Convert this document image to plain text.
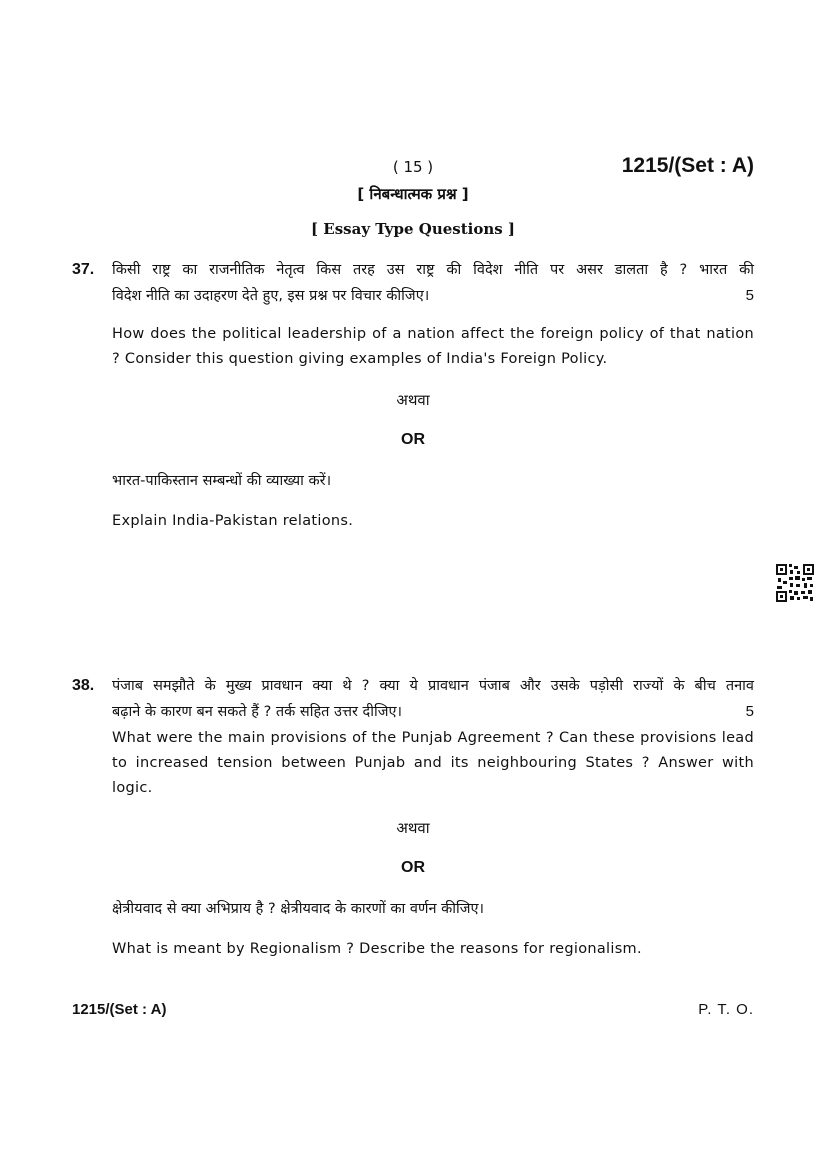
( 15 )	1215/(Set : A)
[ निबन्धात्मक प्रश्न ]
[ Essay Type Questions ]
37. किसी राष्ट्र का राजनीतिक नेतृत्व किस तरह उस राष्ट्र की विदेश नीति पर असर डालता है ? भारत की
विदेश नीति का उदाहरण देते हुए, इस प्रश्न पर विचार कीजिए।	5
How does the political leadership of a nation affect the foreign policy of that nation ? Consider this question giving examples of India's Foreign Policy.
अथवा
OR
भारत-पाकिस्तान सम्बन्धों की व्याख्या करें।
Explain India-Pakistan relations.
38. पंजाब समझौते के मुख्य प्रावधान क्या थे ? क्या ये प्रावधान पंजाब और उसके पड़ोसी राज्यों के बीच तनाव
बढ़ाने के कारण बन सकते हैं ? तर्क सहित उत्तर दीजिए।	5
What were the main provisions of the Punjab Agreement ? Can these provisions lead to increased tension between Punjab and its neighbouring States ? Answer with logic.
अथवा
OR
क्षेत्रीयवाद से क्या अभिप्राय है ? क्षेत्रीयवाद के कारणों का वर्णन कीजिए।
What is meant by Regionalism ? Describe the reasons for regionalism.
1215/(Set : A)	P. T. O.
